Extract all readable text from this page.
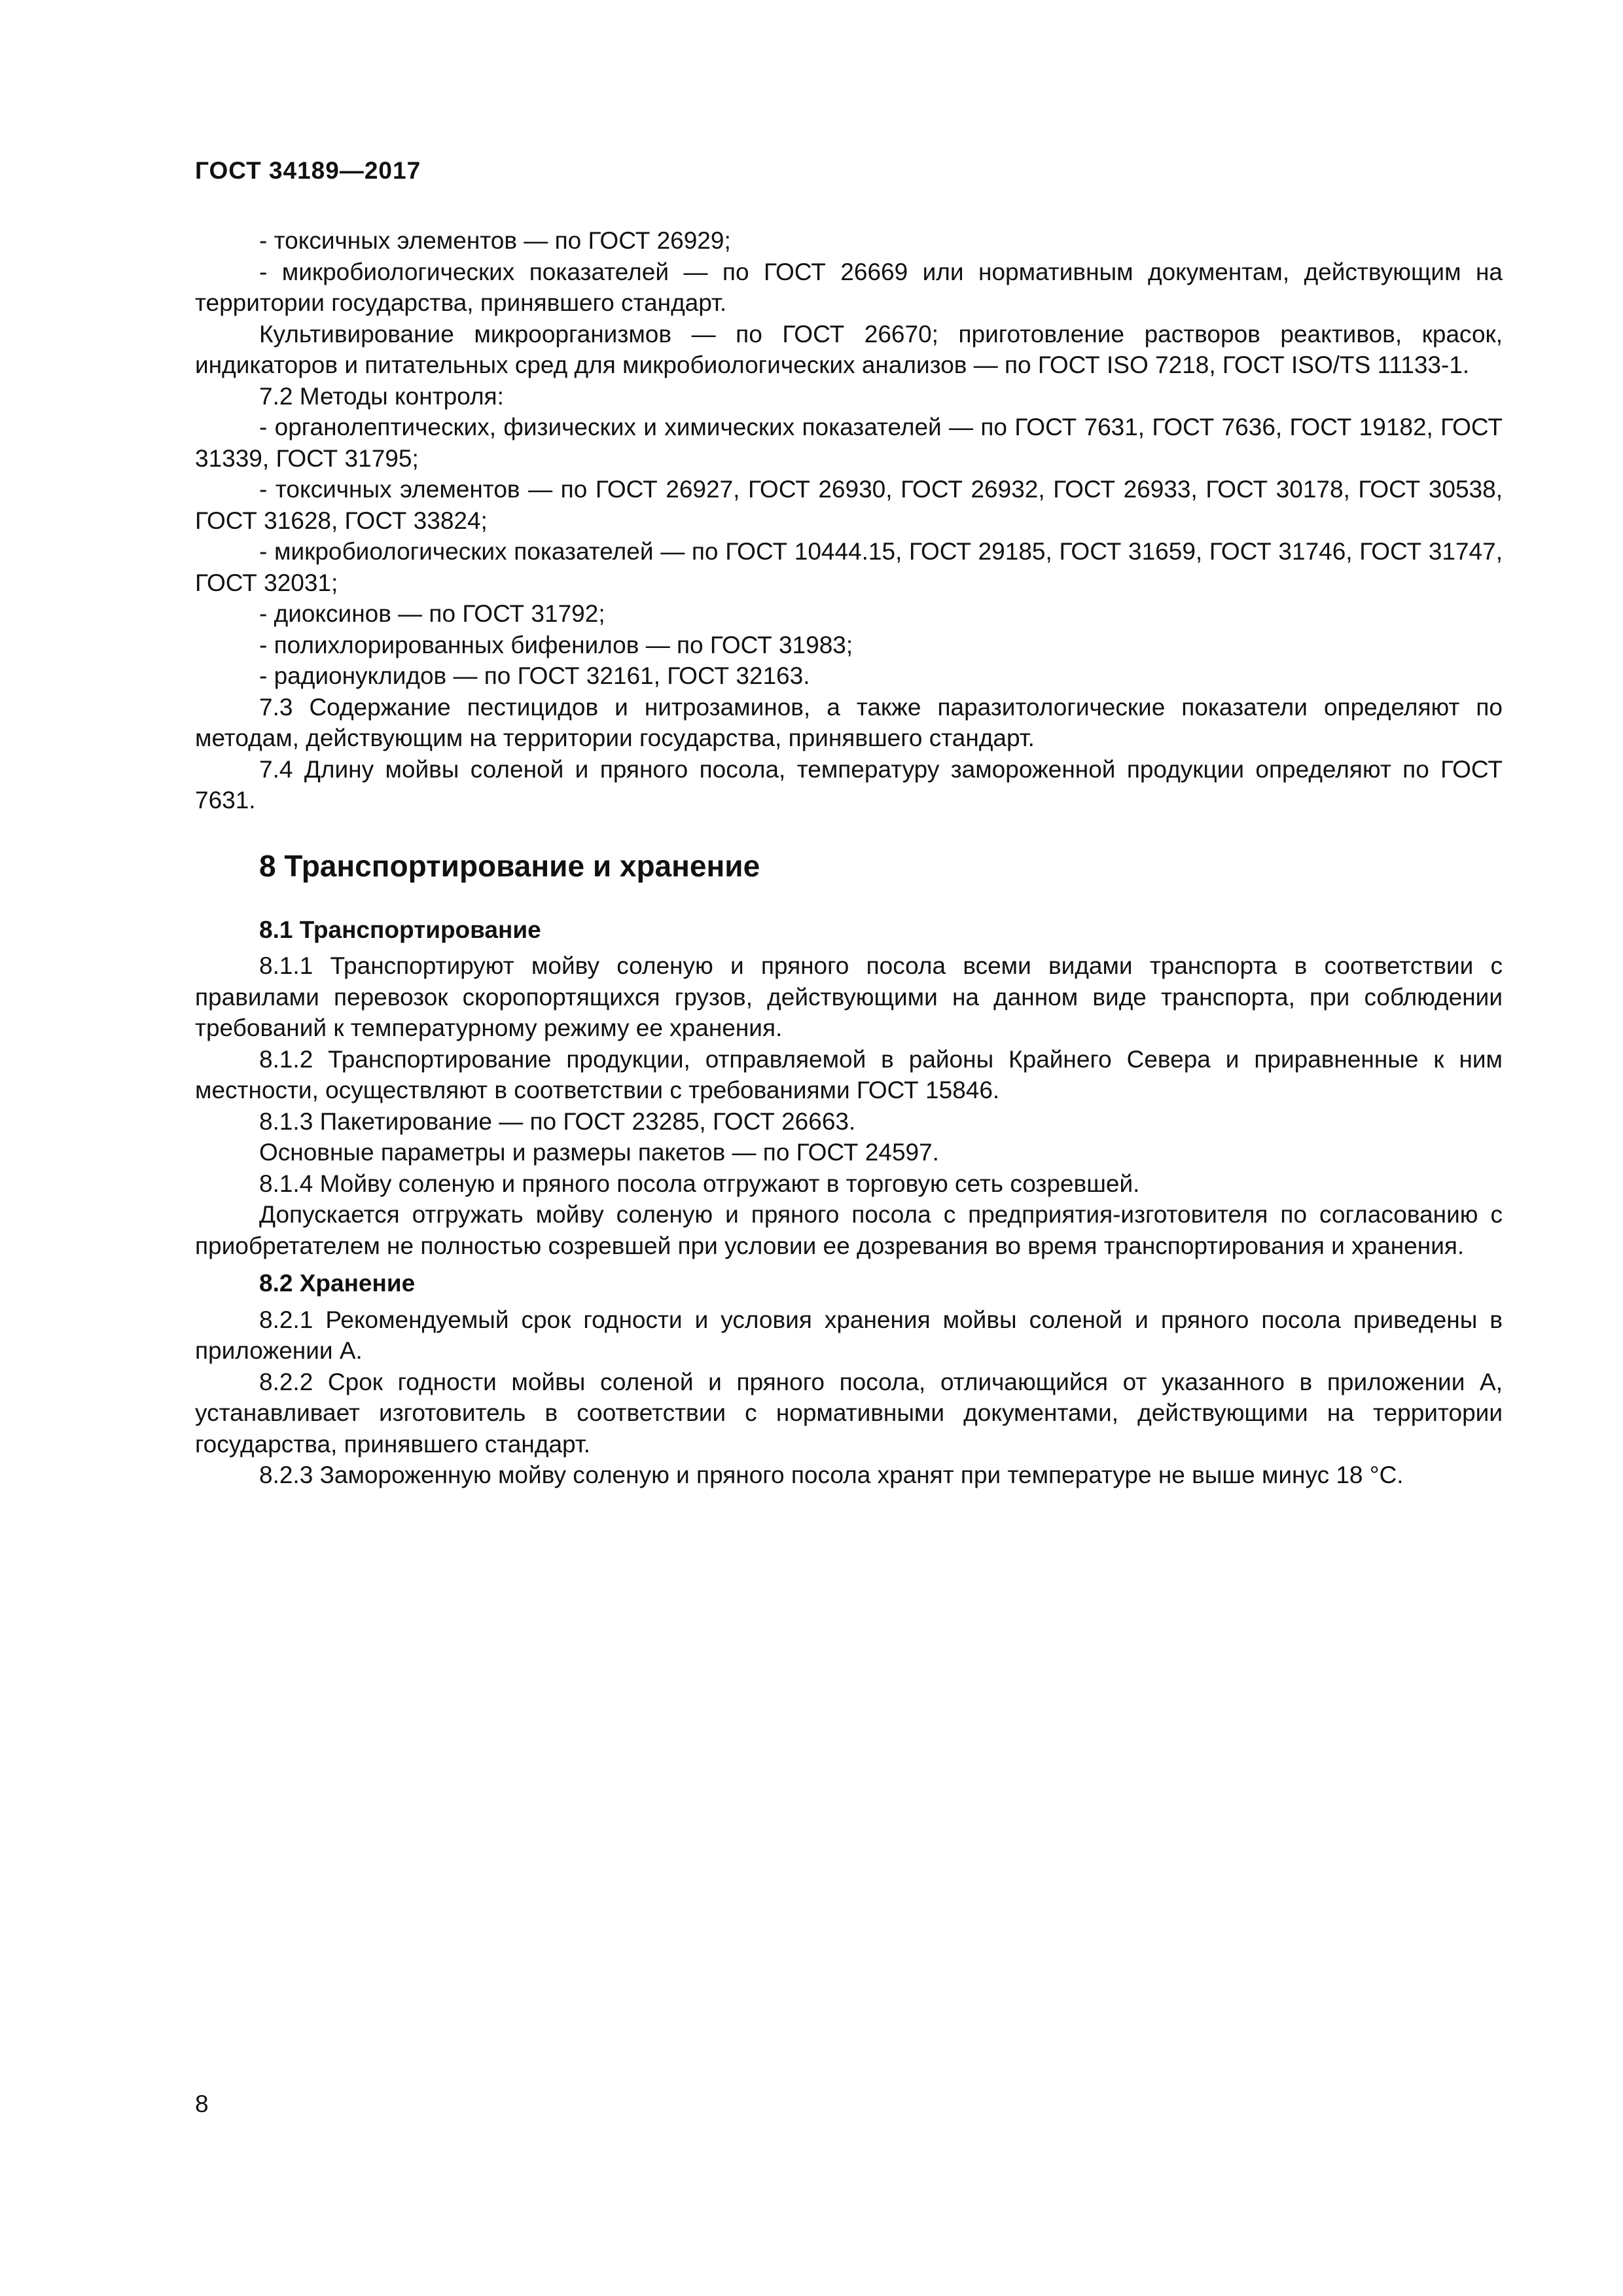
ГОСТ 34189—2017

- токсичных элементов — по ГОСТ 26929;

- микробиологических показателей — по ГОСТ 26669 или нормативным документам, действующим на территории государства, принявшего стандарт.

Культивирование микроорганизмов — по ГОСТ 26670; приготовление растворов реактивов, красок, индикаторов и питательных сред для микробиологических анализов — по ГОСТ ISO 7218, ГОСТ ISO/TS 11133-1.

7.2 Методы контроля:

- органолептических, физических и химических показателей — по ГОСТ 7631, ГОСТ 7636, ГОСТ 19182, ГОСТ 31339, ГОСТ 31795;

- токсичных элементов — по ГОСТ 26927, ГОСТ 26930, ГОСТ 26932, ГОСТ 26933, ГОСТ 30178, ГОСТ 30538, ГОСТ 31628, ГОСТ 33824;

- микробиологических показателей — по ГОСТ 10444.15, ГОСТ 29185, ГОСТ 31659, ГОСТ 31746, ГОСТ 31747, ГОСТ 32031;

- диоксинов — по ГОСТ 31792;

- полихлорированных бифенилов — по ГОСТ 31983;

- радионуклидов — по ГОСТ 32161, ГОСТ 32163.

7.3 Содержание пестицидов и нитрозаминов, а также паразитологические показатели определяют по методам, действующим на территории государства, принявшего стандарт.

7.4 Длину мойвы соленой и пряного посола, температуру замороженной продукции определяют по ГОСТ 7631.

8 Транспортирование и хранение
8.1 Транспортирование

8.1.1 Транспортируют мойву соленую и пряного посола всеми видами транспорта в соответствии с правилами перевозок скоропортящихся грузов, действующими на данном виде транспорта, при соблюдении требований к температурному режиму ее хранения.

8.1.2 Транспортирование продукции, отправляемой в районы Крайнего Севера и приравненные к ним местности, осуществляют в соответствии с требованиями ГОСТ 15846.

8.1.3 Пакетирование — по ГОСТ 23285, ГОСТ 26663.

Основные параметры и размеры пакетов — по ГОСТ 24597.

8.1.4 Мойву соленую и пряного посола отгружают в торговую сеть созревшей.

Допускается отгружать мойву соленую и пряного посола с предприятия-изготовителя по согласованию с приобретателем не полностью созревшей при условии ее дозревания во время транспортирования и хранения.

8.2 Хранение

8.2.1 Рекомендуемый срок годности и условия хранения мойвы соленой и пряного посола приведены в приложении А.

8.2.2 Срок годности мойвы соленой и пряного посола, отличающийся от указанного в приложении А, устанавливает изготовитель в соответствии с нормативными документами, действующими на территории государства, принявшего стандарт.

8.2.3 Замороженную мойву соленую и пряного посола хранят при температуре не выше минус 18 °С.

8
